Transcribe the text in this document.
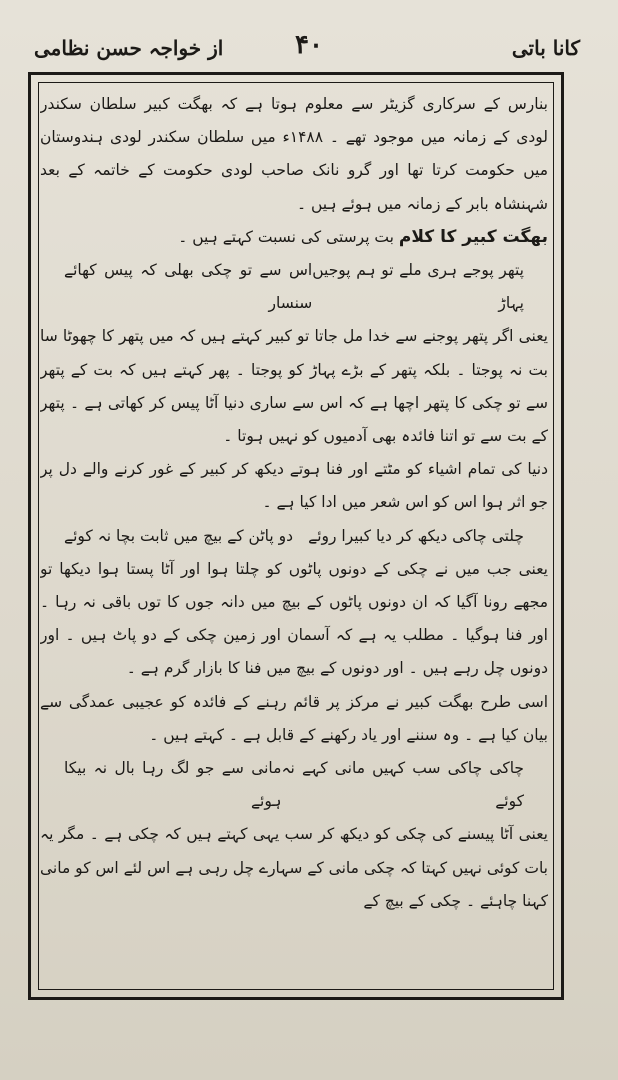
کانا باتی
۴۰
از خواجہ حسن نظامی

بنارس کے سرکاری گزیٹر سے معلوم ہوتا ہے کہ بھگت کبیر سلطان سکندر لودی کے زمانہ میں موجود تھے ۔ ۱۴۸۸ء میں سلطان سکندر لودی ہندوستان میں حکومت کرتا تھا اور گرو نانک صاحب لودی حکومت کے خاتمہ کے بعد شہنشاہ بابر کے زمانہ میں ہوئے ہیں ۔

بھگت کبیر کا کلام بت پرستی کی نسبت کہتے ہیں ۔

پتھر پوجے ہری ملے تو ہم پوجیں پہاڑ
اس سے تو چکی بھلی کہ پیس کھائے سنسار

یعنی اگر پتھر پوجنے سے خدا مل جاتا تو کبیر کہتے ہیں کہ میں پتھر کا چھوٹا سا بت نہ پوجتا ۔ بلکہ پتھر کے بڑے پہاڑ کو پوجتا ۔ پھر کہتے ہیں کہ بت کے پتھر سے تو چکی کا پتھر اچھا ہے کہ اس سے ساری دنیا آٹا پیس کر کھاتی ہے ۔ پتھر کے بت سے تو اتنا فائدہ بھی آدمیوں کو نہیں ہوتا ۔

دنیا کی تمام اشیاء کو مٹتے اور فنا ہوتے دیکھ کر کبیر کے غور کرنے والے دل پر جو اثر ہوا اس کو اس شعر میں ادا کیا ہے ۔

چلتی چاکی دیکھ کر دیا کبیرا روئے
دو پاٹن کے بیچ میں ثابت بچا نہ کوئے

یعنی جب میں نے چکی کے دونوں پاٹوں کو چلتا ہوا اور آٹا پستا ہوا دیکھا تو مجھے رونا آگیا کہ ان دونوں پاٹوں کے بیچ میں دانہ جوں کا توں باقی نہ رہا ۔ اور فنا ہوگیا ۔ مطلب یہ ہے کہ آسمان اور زمین چکی کے دو پاٹ ہیں ۔ اور دونوں چل رہے ہیں ۔ اور دونوں کے بیچ میں فنا کا بازار گرم ہے ۔

اسی طرح بھگت کبیر نے مرکز پر قائم رہنے کے فائدہ کو عجیبی عمدگی سے بیان کیا ہے ۔ وہ سننے اور یاد رکھنے کے قابل ہے ۔ کہتے ہیں ۔

چاکی چاکی سب کہیں مانی کہے نہ کوئے
مانی سے جو لگ رہا بال نہ بیکا ہوئے

یعنی آٹا پیسنے کی چکی کو دیکھ کر سب یہی کہتے ہیں کہ چکی ہے ۔ مگر یہ بات کوئی نہیں کہتا کہ چکی مانی کے سہارے چل رہی ہے اس لئے اس کو مانی کہنا چاہئے ۔ چکی کے بیچ کے
